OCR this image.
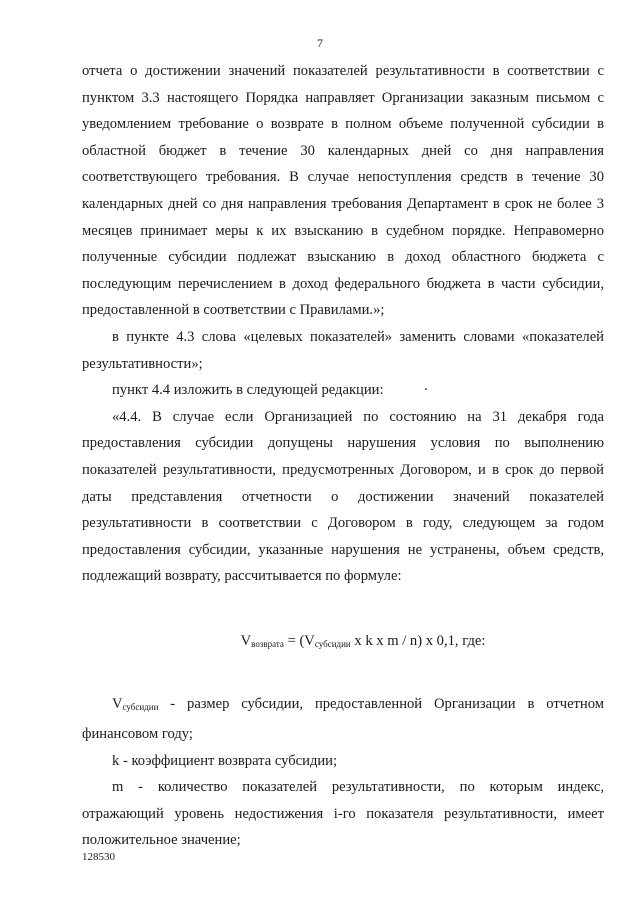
7

отчета о достижении значений показателей результативности в соответствии с пунктом 3.3 настоящего Порядка направляет Организации заказным письмом с уведомлением требование о возврате в полном объеме полученной субсидии в областной бюджет в течение 30 календарных дней со дня направления соответствующего требования. В случае непоступления средств в течение 30 календарных дней со дня направления требования Департамент в срок не более 3 месяцев принимает меры к их взысканию в судебном порядке. Неправомерно полученные субсидии подлежат взысканию в доход областного бюджета с последующим перечислением в доход федерального бюджета в части субсидии, предоставленной в соответствии с Правилами.»;

в пункте 4.3 слова «целевых показателей» заменить словами «показателей результативности»;

пункт 4.4 изложить в следующей редакции:	·

«4.4. В случае если Организацией по состоянию на 31 декабря года предоставления субсидии допущены нарушения условия по выполнению показателей результативности, предусмотренных Договором, и в срок до первой даты представления отчетности о достижении значений показателей результативности в соответствии с Договором в году, следующем за годом предоставления субсидии, указанные нарушения не устранены, объем средств, подлежащий возврату, рассчитывается по формуле:

$V_{возврата} = (V_{субсидии}$ x k x m / n) x 0,1, где:

$V_{субсидии}$ - размер субсидии, предоставленной Организации в отчетном финансовом году;

k - коэффициент возврата субсидии;

m - количество показателей результативности, по которым индекс, отражающий уровень недостижения i-го показателя результативности, имеет положительное значение;

128530
